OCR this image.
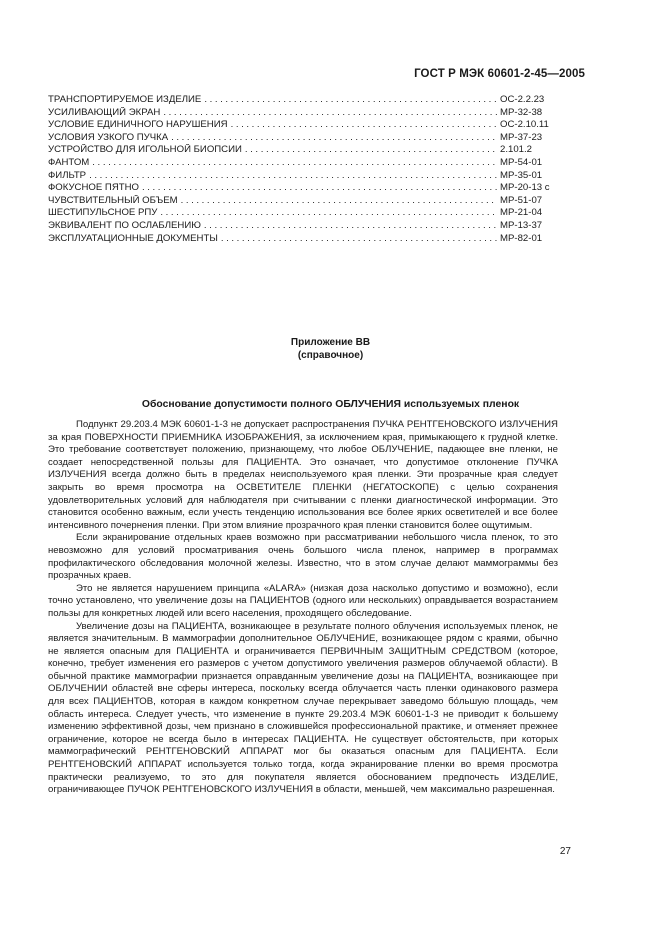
ГОСТ Р МЭК 60601-2-45—2005
ТРАНСПОРТИРУЕМОЕ ИЗДЕЛИЕ .....	ОС-2.2.23
УСИЛИВАЮЩИЙ ЭКРАН .....	МР-32-38
УСЛОВИЕ ЕДИНИЧНОГО НАРУШЕНИЯ .....	ОС-2.10.11
УСЛОВИЯ УЗКОГО ПУЧКА .....	МР-37-23
УСТРОЙСТВО ДЛЯ ИГОЛЬНОЙ БИОПСИИ .....	2.101.2
ФАНТОМ .....	МР-54-01
ФИЛЬТР .....	МР-35-01
ФОКУСНОЕ ПЯТНО .....	МР-20-13 с
ЧУВСТВИТЕЛЬНЫЙ ОБЪЕМ .....	МР-51-07
ШЕСТИПУЛЬСНОЕ РПУ .....	МР-21-04
ЭКВИВАЛЕНТ ПО ОСЛАБЛЕНИЮ .....	МР-13-37
ЭКСПЛУАТАЦИОННЫЕ ДОКУМЕНТЫ .....	МР-82-01
Приложение ВВ
(справочное)
Обоснование допустимости полного ОБЛУЧЕНИЯ используемых пленок

Подпункт 29.203.4 МЭК 60601-1-3 не допускает распространения ПУЧКА РЕНТГЕНОВСКОГО ИЗЛУЧЕНИЯ за края ПОВЕРХНОСТИ ПРИЕМНИКА ИЗОБРАЖЕНИЯ, за исключением края, примыкающего к грудной клетке. Это требование соответствует положению, признающему, что любое ОБЛУЧЕНИЕ, падающее вне пленки, не создает непосредственной пользы для ПАЦИЕНТА. Это означает, что допустимое отклонение ПУЧКА ИЗЛУЧЕНИЯ всегда должно быть в пределах неиспользуемого края пленки. Эти прозрачные края следует закрыть во время просмотра на ОСВЕТИТЕЛЕ ПЛЕНКИ (НЕГАТОСКОПЕ) с целью сохранения удовлетворительных условий для наблюдателя при считывании с пленки диагностической информации. Это становится особенно важным, если учесть тенденцию использования все более ярких осветителей и все более интенсивного почернения пленки. При этом влияние прозрачного края пленки становится более ощутимым.

Если экранирование отдельных краев возможно при рассматривании небольшого числа пленок, то это невозможно для условий просматривания очень большого числа пленок, например в программах профилактического обследования молочной железы. Известно, что в этом случае делают маммограммы без прозрачных краев.

Это не является нарушением принципа «ALARA» (низкая доза насколько допустимо и возможно), если точно установлено, что увеличение дозы на ПАЦИЕНТОВ (одного или нескольких) оправдывается возрастанием пользы для конкретных людей или всего населения, проходящего обследование.

Увеличение дозы на ПАЦИЕНТА, возникающее в результате полного облучения используемых пленок, не является значительным. В маммографии дополнительное ОБЛУЧЕНИЕ, возникающее рядом с краями, обычно не является опасным для ПАЦИЕНТА и ограничивается ПЕРВИЧНЫМ ЗАЩИТНЫМ СРЕДСТВОМ (которое, конечно, требует изменения его размеров с учетом допустимого увеличения размеров облучаемой области). В обычной практике маммографии признается оправданным увеличение дозы на ПАЦИЕНТА, возникающее при ОБЛУЧЕНИИ областей вне сферы интереса, поскольку всегда облучается часть пленки одинакового размера для всех ПАЦИЕНТОВ, которая в каждом конкретном случае перекрывает заведомо бо́льшую площадь, чем область интереса. Следует учесть, что изменение в пункте 29.203.4 МЭК 60601-1-3 не приводит к большему изменению эффективной дозы, чем признано в сложившейся профессиональной практике, и отменяет прежнее ограничение, которое не всегда было в интересах ПАЦИЕНТА. Не существует обстоятельств, при которых маммографический РЕНТГЕНОВСКИЙ АППАРАТ мог бы оказаться опасным для ПАЦИЕНТА. Если РЕНТГЕНОВСКИЙ АППАРАТ используется только тогда, когда экранирование пленки во время просмотра практически реализуемо, то это для покупателя является обоснованием предпочесть ИЗДЕЛИЕ, ограничивающее ПУЧОК РЕНТГЕНОВСКОГО ИЗЛУЧЕНИЯ в области, меньшей, чем максимально разрешенная.

27
